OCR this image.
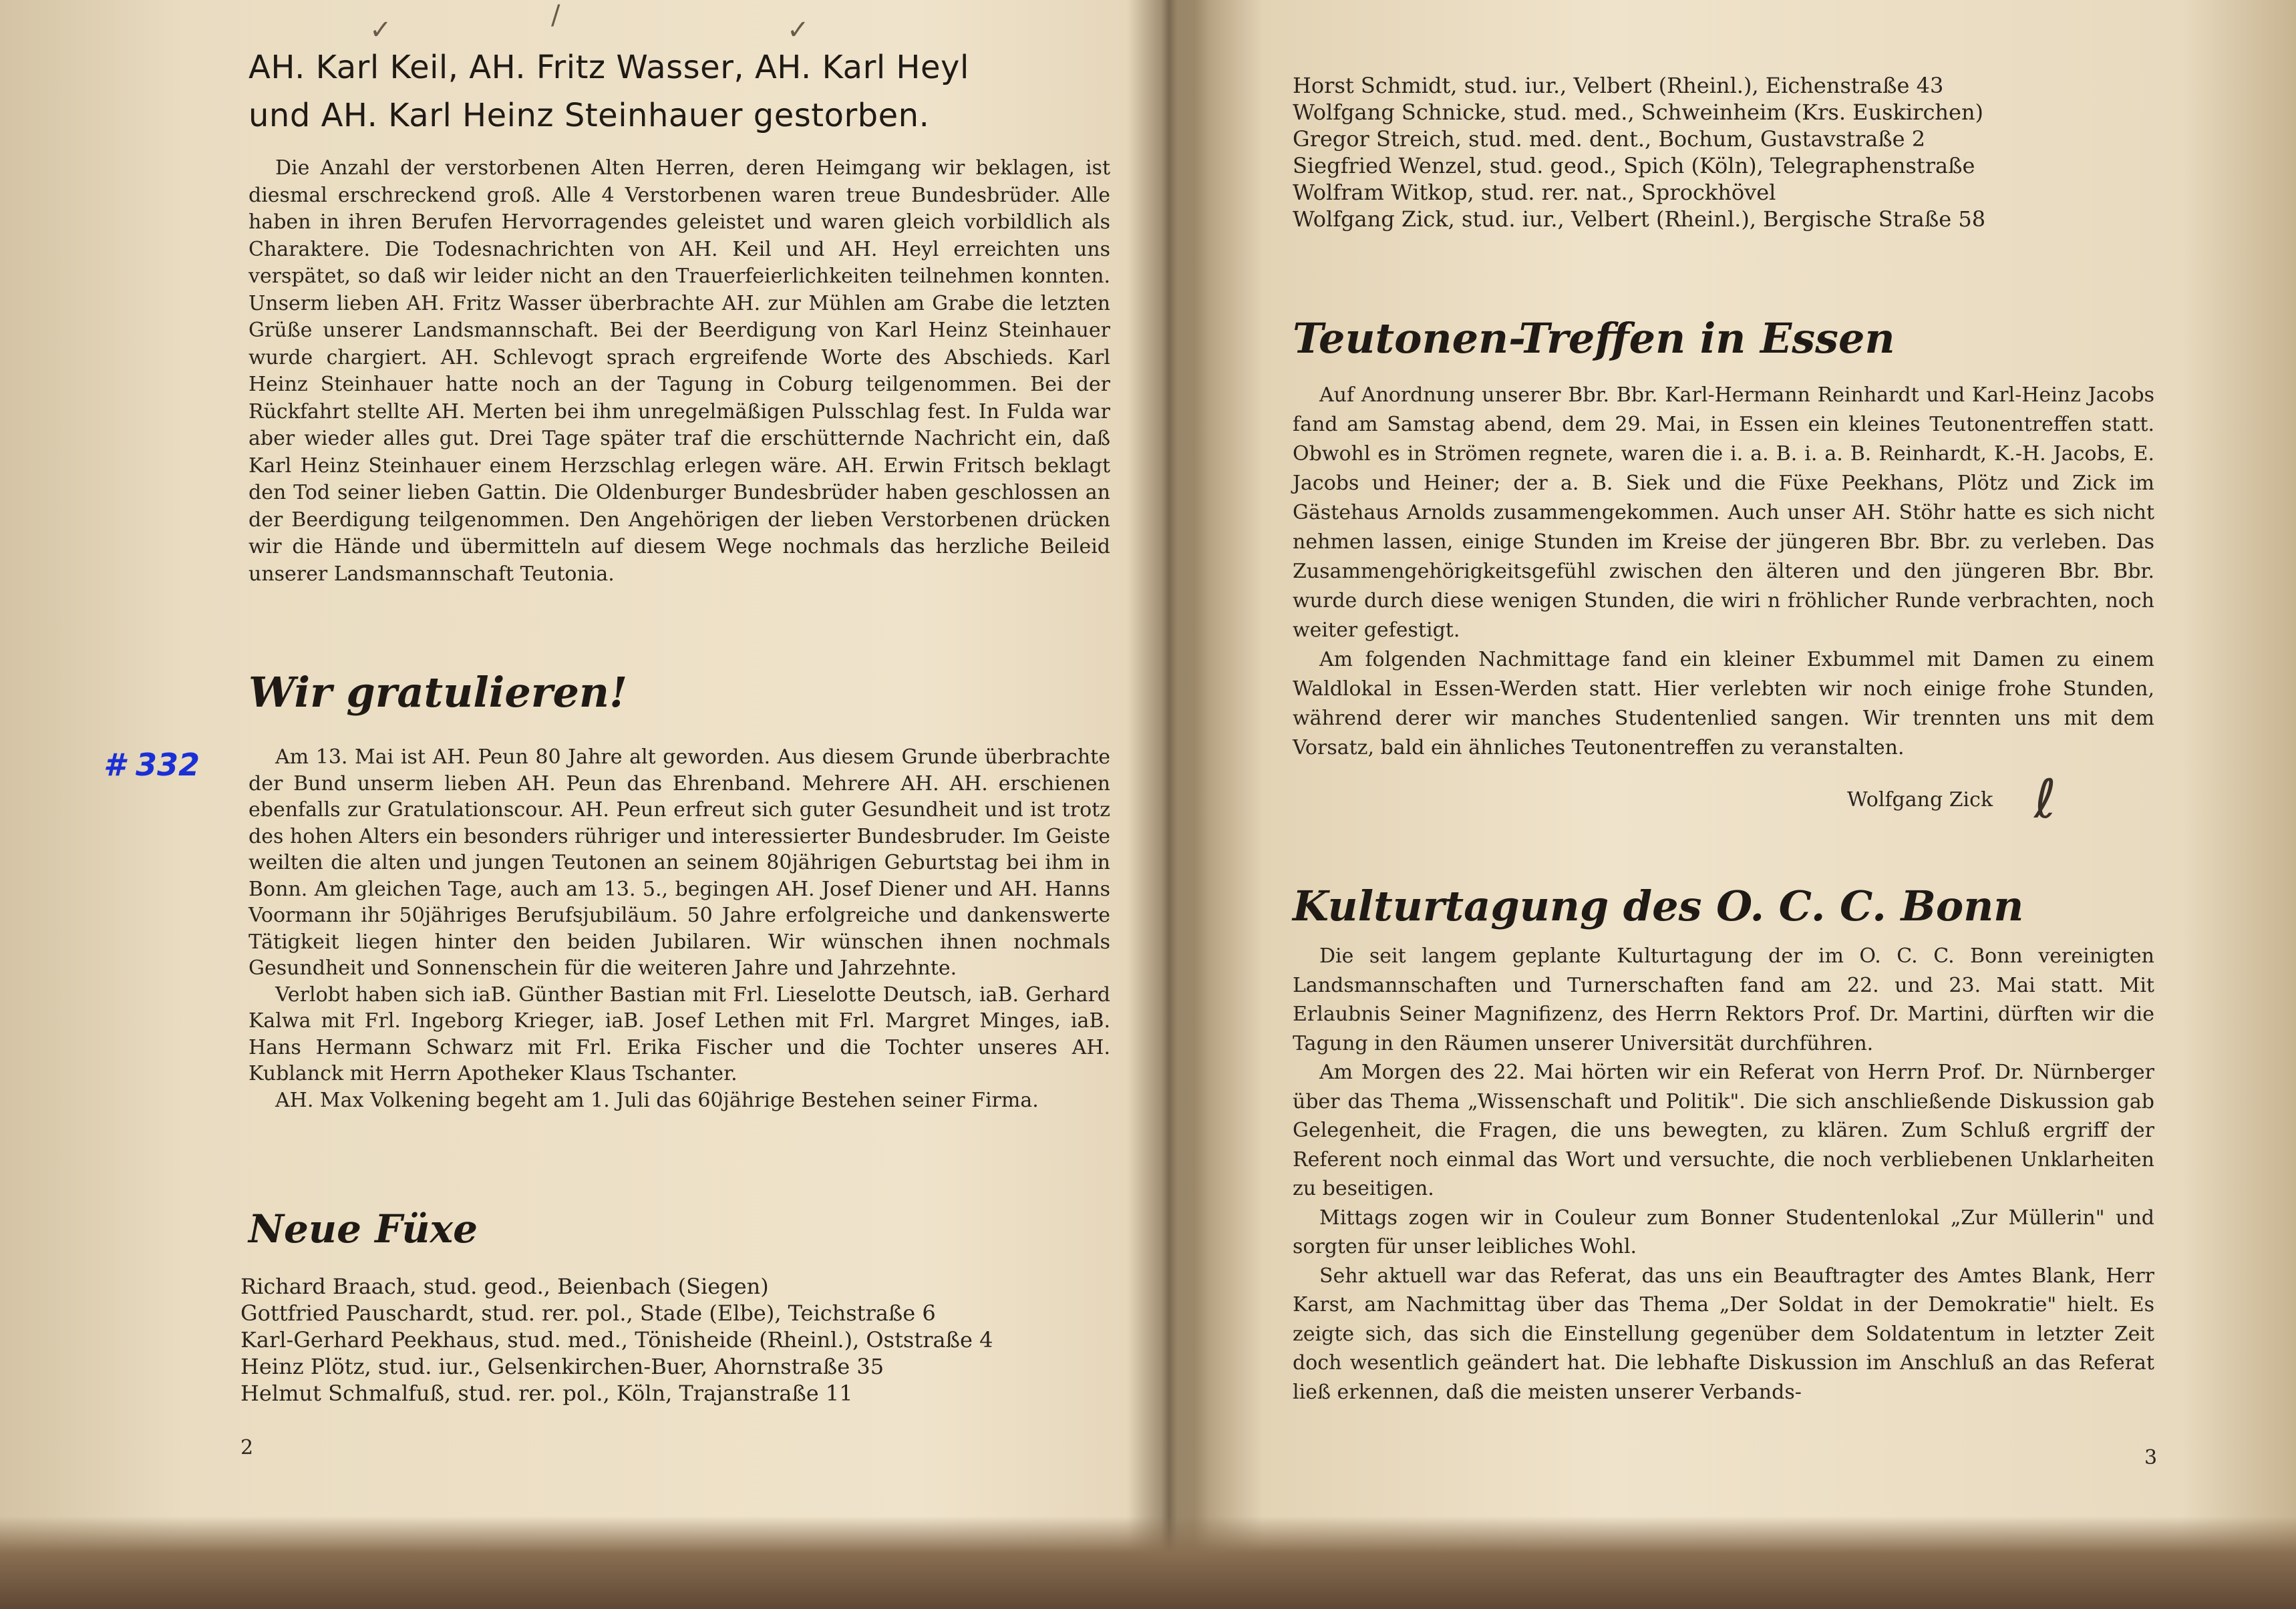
# 332
✓	/	✓
AH. Karl Keil, AH. Fritz Wasser, AH. Karl Heyl
und AH. Karl Heinz Steinhauer gestorben.

Die Anzahl der verstorbenen Alten Herren, deren Heimgang wir beklagen, ist diesmal erschreckend groß. Alle 4 Verstorbenen waren treue Bundesbrüder. Alle haben in ihren Berufen Hervorragendes geleistet und waren gleich vorbildlich als Charaktere. Die Todesnachrichten von AH. Keil und AH. Heyl erreichten uns verspätet, so daß wir leider nicht an den Trauerfeierlichkeiten teilnehmen konnten. Unserm lieben AH. Fritz Wasser überbrachte AH. zur Mühlen am Grabe die letzten Grüße unserer Landsmannschaft. Bei der Beerdigung von Karl Heinz Steinhauer wurde chargiert. AH. Schlevogt sprach ergreifende Worte des Abschieds. Karl Heinz Steinhauer hatte noch an der Tagung in Coburg teilgenommen. Bei der Rückfahrt stellte AH. Merten bei ihm unregelmäßigen Pulsschlag fest. In Fulda war aber wieder alles gut. Drei Tage später traf die erschütternde Nachricht ein, daß Karl Heinz Steinhauer einem Herzschlag erlegen wäre. AH. Erwin Fritsch beklagt den Tod seiner lieben Gattin. Die Oldenburger Bundesbrüder haben geschlossen an der Beerdigung teilgenommen. Den Angehörigen der lieben Verstorbenen drücken wir die Hände und übermitteln auf diesem Wege nochmals das herzliche Beileid unserer Landsmannschaft Teutonia.

Wir gratulieren!

Am 13. Mai ist AH. Peun 80 Jahre alt geworden. Aus diesem Grunde überbrachte der Bund unserm lieben AH. Peun das Ehrenband. Mehrere AH. AH. erschienen ebenfalls zur Gratulationscour. AH. Peun erfreut sich guter Gesundheit und ist trotz des hohen Alters ein besonders rühriger und interessierter Bundesbruder. Im Geiste weilten die alten und jungen Teutonen an seinem 80jährigen Geburtstag bei ihm in Bonn. Am gleichen Tage, auch am 13. 5., begingen AH. Josef Diener und AH. Hanns Voormann ihr 50jähriges Berufsjubiläum. 50 Jahre erfolgreiche und dankenswerte Tätigkeit liegen hinter den beiden Jubilaren. Wir wünschen ihnen nochmals Gesundheit und Sonnenschein für die weiteren Jahre und Jahrzehnte.

Verlobt haben sich iaB. Günther Bastian mit Frl. Lieselotte Deutsch, iaB. Gerhard Kalwa mit Frl. Ingeborg Krieger, iaB. Josef Lethen mit Frl. Margret Minges, iaB. Hans Hermann Schwarz mit Frl. Erika Fischer und die Tochter unseres AH. Kublanck mit Herrn Apotheker Klaus Tschanter.

AH. Max Volkening begeht am 1. Juli das 60jährige Bestehen seiner Firma.

Neue Füxe
Richard Braach, stud. geod., Beienbach (Siegen)
Gottfried Pauschardt, stud. rer. pol., Stade (Elbe), Teichstraße 6
Karl-Gerhard Peekhaus, stud. med., Tönisheide (Rheinl.), Oststraße 4
Heinz Plötz, stud. iur., Gelsenkirchen-Buer, Ahornstraße 35
Helmut Schmalfuß, stud. rer. pol., Köln, Trajanstraße 11
2
Horst Schmidt, stud. iur., Velbert (Rheinl.), Eichenstraße 43
Wolfgang Schnicke, stud. med., Schweinheim (Krs. Euskirchen)
Gregor Streich, stud. med. dent., Bochum, Gustavstraße 2
Siegfried Wenzel, stud. geod., Spich (Köln), Telegraphenstraße
Wolfram Witkop, stud. rer. nat., Sprockhövel
Wolfgang Zick, stud. iur., Velbert (Rheinl.), Bergische Straße 58
Teutonen-Treffen in Essen

Auf Anordnung unserer Bbr. Bbr. Karl-Hermann Reinhardt und Karl-Heinz Jacobs fand am Samstag abend, dem 29. Mai, in Essen ein kleines Teutonentreffen statt. Obwohl es in Strömen regnete, waren die i. a. B. i. a. B. Reinhardt, K.-H. Jacobs, E. Jacobs und Heiner; der a. B. Siek und die Füxe Peekhans, Plötz und Zick im Gästehaus Arnolds zusammengekommen. Auch unser AH. Stöhr hatte es sich nicht nehmen lassen, einige Stunden im Kreise der jüngeren Bbr. Bbr. zu verleben. Das Zusammengehörigkeitsgefühl zwischen den älteren und den jüngeren Bbr. Bbr. wurde durch diese wenigen Stunden, die wiri n fröhlicher Runde verbrachten, noch weiter gefestigt.

Am folgenden Nachmittage fand ein kleiner Exbummel mit Damen zu einem Waldlokal in Essen-Werden statt. Hier verlebten wir noch einige frohe Stunden, während derer wir manches Studentenlied sangen. Wir trennten uns mit dem Vorsatz, bald ein ähnliches Teutonentreffen zu veranstalten.

Wolfgang Zick ℓ
Kulturtagung des O. C. C. Bonn

Die seit langem geplante Kulturtagung der im O. C. C. Bonn vereinigten Landsmannschaften und Turnerschaften fand am 22. und 23. Mai statt. Mit Erlaubnis Seiner Magnifizenz, des Herrn Rektors Prof. Dr. Martini, dürften wir die Tagung in den Räumen unserer Universität durchführen.

Am Morgen des 22. Mai hörten wir ein Referat von Herrn Prof. Dr. Nürnberger über das Thema „Wissenschaft und Politik". Die sich anschließende Diskussion gab Gelegenheit, die Fragen, die uns bewegten, zu klären. Zum Schluß ergriff der Referent noch einmal das Wort und versuchte, die noch verbliebenen Unklarheiten zu beseitigen.

Mittags zogen wir in Couleur zum Bonner Studentenlokal „Zur Müllerin" und sorgten für unser leibliches Wohl.

Sehr aktuell war das Referat, das uns ein Beauftragter des Amtes Blank, Herr Karst, am Nachmittag über das Thema „Der Soldat in der Demokratie" hielt. Es zeigte sich, das sich die Einstellung gegenüber dem Soldatentum in letzter Zeit doch wesentlich geändert hat. Die lebhafte Diskussion im Anschluß an das Referat ließ erkennen, daß die meisten unserer Verbands-

3
